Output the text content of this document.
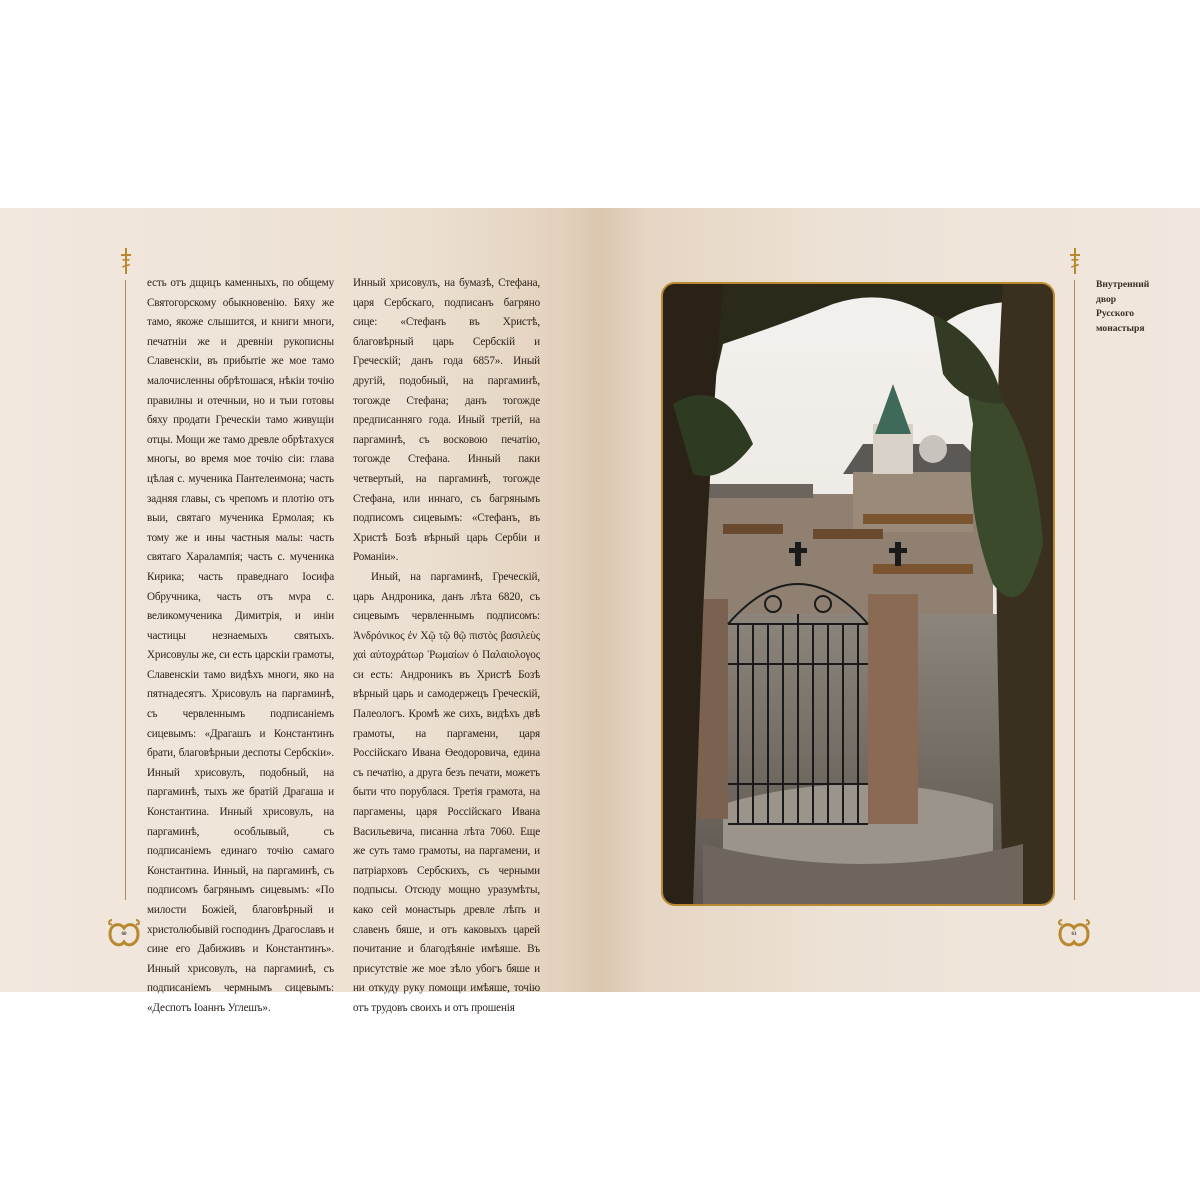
есть отъ дщицъ каменныхъ, по общему Святогорскому обыкновенiю. Бяху же тамо, якоже слышится, и книги многи, печатнiи же и древнiи рукописны Славенскiи, въ прибытiе же мое тамо малочисленны обрѣтошася, нѣкiи точiю правилны и отечныи, но и тыи готовы бяху продати Греческiи тамо живущiи отцы. Мощи же тамо древле обрѣтахуся многы, во время мое точiю сiи: глава цѣлая с. мученика Пантелеимона; часть задняя главы, съ чрепомъ и плотiю отъ выи, святаго мученика Ермолая; къ тому же и ины частныя малы: часть святаго Харалампiя; часть с. мученика Кирика; часть праведнаго Iосифа Обручника, часть отъ мνра с. великомученика Димитрiя, и инiи частицы незнаемыхъ святыхъ. Хрисовулы же, си есть царскiи грамоты, Славенскiи тамо видѣхъ многи, яко на пятнадесятъ. Хрисовулъ на паргаминѣ, съ червленнымъ подписанiемъ сицевымъ: «Драгашъ и Константинъ брати, благовѣрныи деспоты Сербскiи». Инный хрисовулъ, подобный, на паргаминѣ, тыхъ же братiй Драгаша и Константина. Инный хрисовулъ, на паргаминѣ, особлывый, съ подписанiемъ единаго точiю самаго Константина. Инный, на паргаминѣ, съ подписомъ багрянымъ сицевымъ: «По милости Божiей, благовѣрный и христолюбывiй господинъ Драгославъ и сине его Дабиживъ и Константинъ». Инный хрисовулъ, на паргаминѣ, съ подписанiемъ чермнымъ сицевымъ: «Деспотъ Iоаннъ Углешъ».

Инный хрисовулъ, на бумазѣ, Стефана, царя Сербскаго, подписанъ багряно сице: «Стефанъ въ Христѣ, благовѣрный царь Сербскiй и Греческiй; данъ года 6857». Иный другiй, подобный, на паргаминѣ, тогожде Стефана; данъ тогожде предписанняго года. Иный третiй, на паргаминѣ, съ восковою печатiю, тогожде Стефана. Инный паки четвертый, на паргаминѣ, тогожде Стефана, или иннаго, съ багрянымъ подписомъ сицевымъ: «Стефанъ, въ Христѣ Бозѣ вѣрный царь Сербiи и Романiи».

Иный, на паргаминѣ, Греческiй, царь Андроника, данъ лѣта 6820, съ сицевымъ червленнымъ подписомъ: Ἀνδρόνικος ἐν Χῷ τῷ θῷ πιστὸς βασιλεὺς χαὶ αὐτοχράτωρ Ῥωμαίων ὁ Παλαιολογος си есть: Андроникъ въ Христѣ Бозѣ вѣрный царь и самодержецъ Греческiй, Палеологъ. Кромѣ же сихъ, видѣхъ двѣ грамоты, на паргамени, царя Россiйскаго Ивана Өеодоровича, едина съ печатiю, а друга безъ печати, можетъ быти что порублася. Третiя грамота, на паргамены, царя Россiйскаго Ивана Васильевича, писанна лѣта 7060. Еще же суть тамо грамоты, на паргамени, и патрiарховъ Сербскихъ, съ черными подпысы. Отсюду мощно уразумѣты, како сей монастырь древле лѣпъ и славенъ бяше, и отъ каковыхъ царей почитание и благодѣянiе имѣяше. Въ присутствiе же мое зѣло убогъ бяше и ни откуду руку помощи имѣяше, точiю отъ трудовъ своихъ и отъ прошенiя

60
Внутренний
двор
Русского
монастыря
61
